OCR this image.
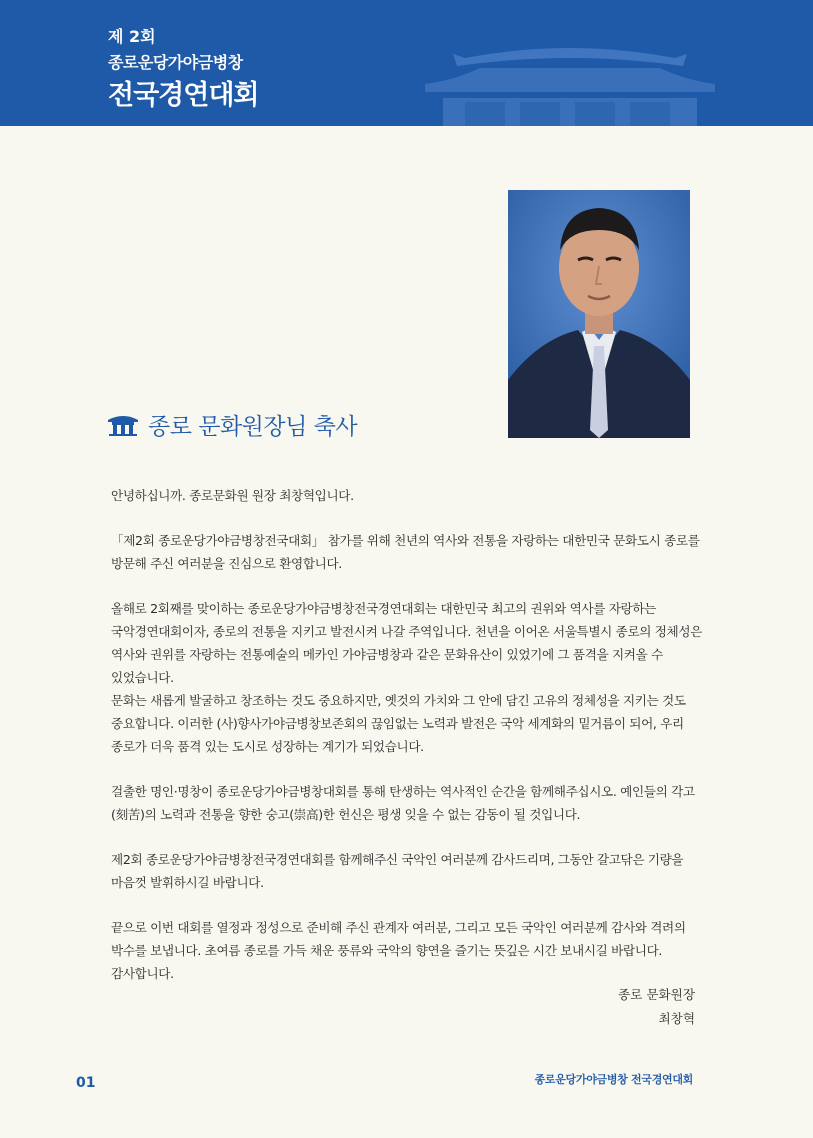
제 2회
종로운당가야금병창
전국경연대회
종로 문화원장님 축사
안녕하십니까. 종로문화원 원장 최창혁입니다.
「제2회 종로운당가야금병창전국대회」 참가를 위해 천년의 역사와 전통을 자랑하는 대한민국 문화도시 종로를
방문해 주신 여러분을 진심으로 환영합니다.
올해로 2회째를 맞이하는 종로운당가야금병창전국경연대회는 대한민국 최고의 권위와 역사를 자랑하는
국악경연대회이자, 종로의 전통을 지키고 발전시켜 나갈 주역입니다. 천년을 이어온 서울특별시 종로의 정체성은
역사와 권위를 자랑하는 전통예술의 메카인 가야금병창과 같은 문화유산이 있었기에 그 품격을 지켜올 수
있었습니다.
문화는 새롭게 발굴하고 창조하는 것도 중요하지만, 옛것의 가치와 그 안에 담긴 고유의 정체성을 지키는 것도
중요합니다. 이러한 (사)향사가야금병창보존회의 끊임없는 노력과 발전은 국악 세계화의 밑거름이 되어, 우리
종로가 더욱 품격 있는 도시로 성장하는 계기가 되었습니다.
걸출한 명인·명창이 종로운당가야금병창대회를 통해 탄생하는 역사적인 순간을 함께해주십시오. 예인들의 각고
(刻苦)의 노력과 전통을 향한 숭고(崇高)한 헌신은 평생 잊을 수 없는 감동이 될 것입니다.
제2회 종로운당가야금병창전국경연대회를 함께해주신 국악인 여러분께 감사드리며, 그동안 갈고닦은 기량을
마음껏 발휘하시길 바랍니다.
끝으로 이번 대회를 열정과 정성으로 준비해 주신 관계자 여러분, 그리고 모든 국악인 여러분께 감사와 격려의
박수를 보냅니다. 초여름 종로를 가득 채운 풍류와 국악의 향연을 즐기는 뜻깊은 시간 보내시길 바랍니다.
감사합니다.
종로 문화원장
최창혁
01	종로운당가야금병창 전국경연대회
